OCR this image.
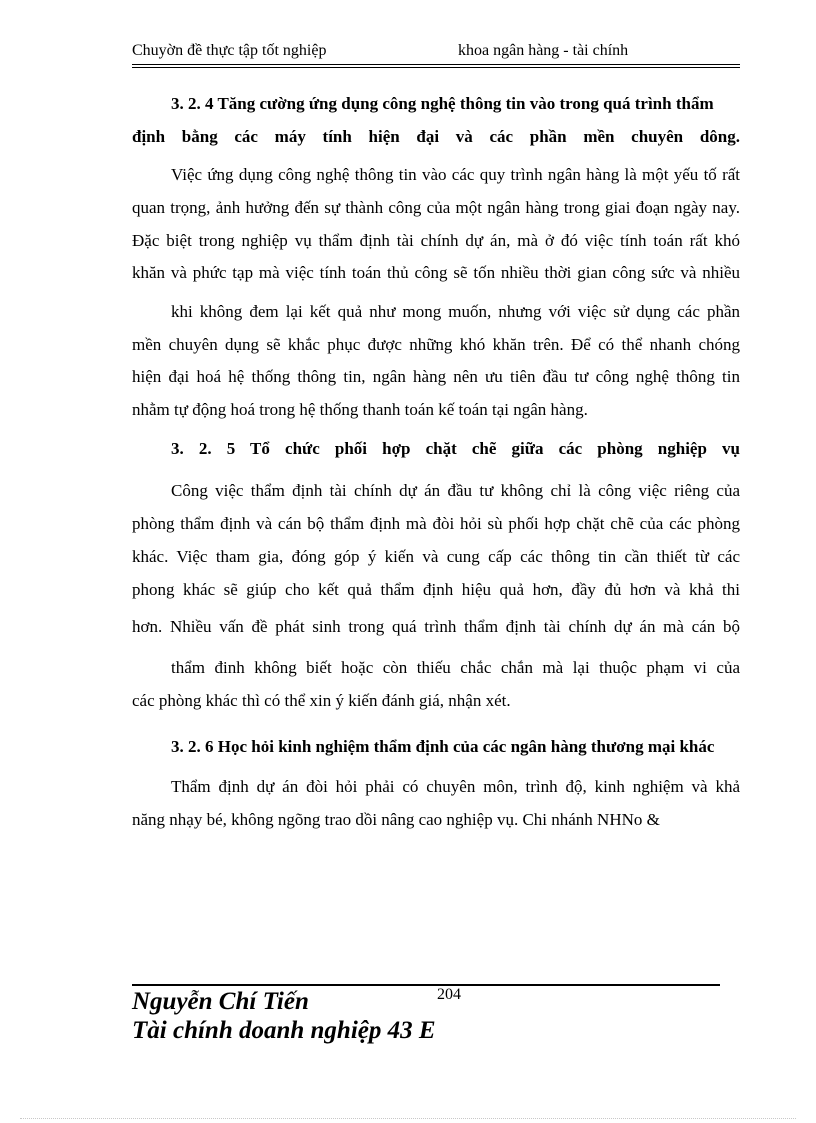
Chuyờn đề thực tập tốt nghiệp	khoa ngân hàng - tài chính
3. 2. 4 Tăng cường ứng dụng công nghệ thông tin vào trong quá trình thẩm
định bằng các máy tính hiện đại và các phần mền chuyên dông.
Việc ứng dụng công nghệ thông tin vào các quy trình ngân hàng là một yếu tố rất
quan trọng, ảnh hưởng đến sự thành công của một ngân hàng trong giai đoạn ngày nay.
Đặc biệt trong nghiệp vụ thẩm định tài chính dự án, mà ở đó việc tính toán rất khó
khăn và phức tạp mà việc tính toán thủ công sẽ tốn nhiều thời gian công sức và nhiều
khi không đem lại kết quả như mong muốn, nhưng với việc sử dụng các phần
mền chuyên dụng sẽ khắc phục được những khó khăn trên. Để có thể nhanh chóng
hiện đại hoá hệ thống thông tin, ngân hàng nên ưu tiên đầu tư công nghệ thông tin
nhằm tự động hoá trong hệ thống thanh toán kế toán tại ngân hàng.
3. 2. 5 Tổ chức phối hợp chặt chẽ giữa các phòng nghiệp vụ
Công việc thẩm định tài chính dự án đầu tư không chỉ là công việc riêng của
phòng thẩm định và cán bộ thẩm định mà đòi hỏi sù phối hợp chặt chẽ của các phòng
khác. Việc tham gia, đóng góp ý kiến và cung cấp các thông tin cần thiết từ các
phong khác sẽ giúp cho kết quả thẩm định hiệu quả hơn, đầy đủ hơn và khả thi
hơn. Nhiều vấn đề phát sinh trong quá trình thẩm định tài chính dự án mà cán bộ
thẩm đinh không biết hoặc còn thiếu chắc chắn mà lại thuộc phạm vi của
các phòng khác thì có thể xin ý kiến đánh giá, nhận xét.
3. 2. 6 Học hỏi kinh nghiệm thẩm định của các ngân hàng thương mại khác
Thẩm định dự án đòi hỏi phải có chuyên môn, trình độ, kinh nghiệm và khả
năng nhạy bé, không ngõng trao dồi nâng cao nghiệp vụ. Chi nhánh NHNo &
204
Nguyễn Chí Tiến
Tài chính doanh nghiệp 43 E
